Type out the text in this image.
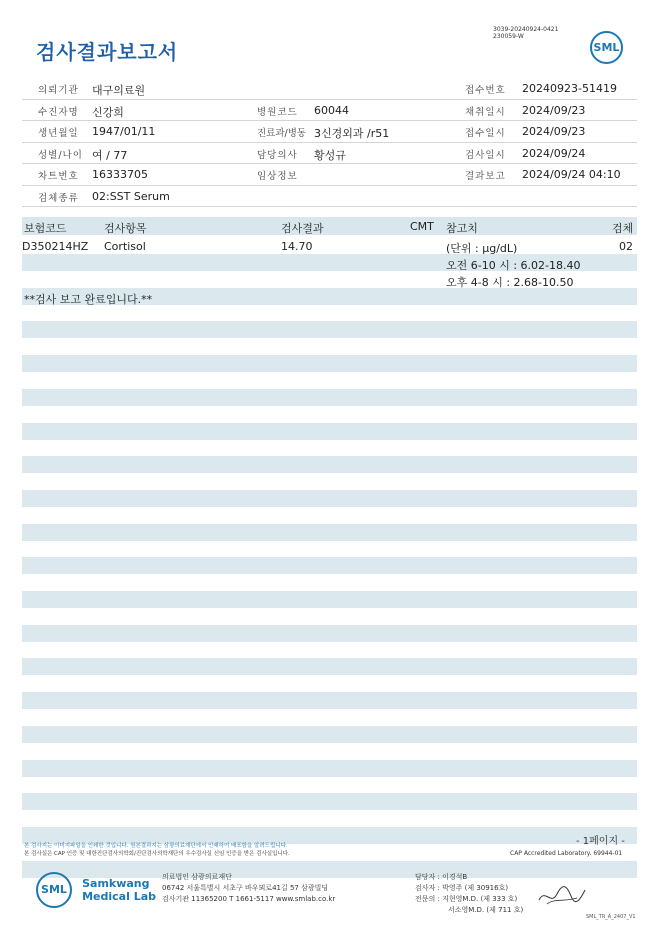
검사결과보고서
3039-20240924-0421
230059-W
SML
의뢰기관 대구의료원	접수번호 20240923-51419
수진자명 신강희	병원코드 60044	채취일시 2024/09/23
생년월일 1947/01/11	진료과/병동 3신경외과 /r51	접수일시 2024/09/23
성별/나이 여 / 77	담당의사 황성규	검사일시 2024/09/24
차트번호 16333705	임상정보	결과보고 2024/09/24 04:10
검체종류 02:SST Serum
보험코드	검사항목	검사결과	CMT 참고치	검체
D350214HZ Cortisol	14.70	(단위 : μg/dL)	02
오전 6-10 시 : 6.02-18.40
오후 4-8 시 : 2.68-10.50
**검사 보고 완료입니다.**
- 1페이지 -
본 검사지는 이미지파일을 인쇄한 것입니다. 원본결과지는 삼광의료재단에서 인쇄하여 배포함을 알려드립니다.
본 검사실은 CAP 인증 및 대한진단검사의학회/진단검사의학재단의 우수검사실 신임 인증을 받은 검사실입니다.	CAP Accredited Laboratory. 69944-01
SML Samkwang
Medical Lab
의료법인 삼광의료재단
06742 서울특별시 서초구 바우뫼로41길 57 삼광빌딩
검사기관 11365200 T 1661-5117 www.smlab.co.kr
담당자 : 이경석B
검사자 : 박영주 (제 30916호)
전문의 : 지현영M.D. (제 333 호)
서소영M.D. (제 711 호)
SML_TR_A_2407_V1
